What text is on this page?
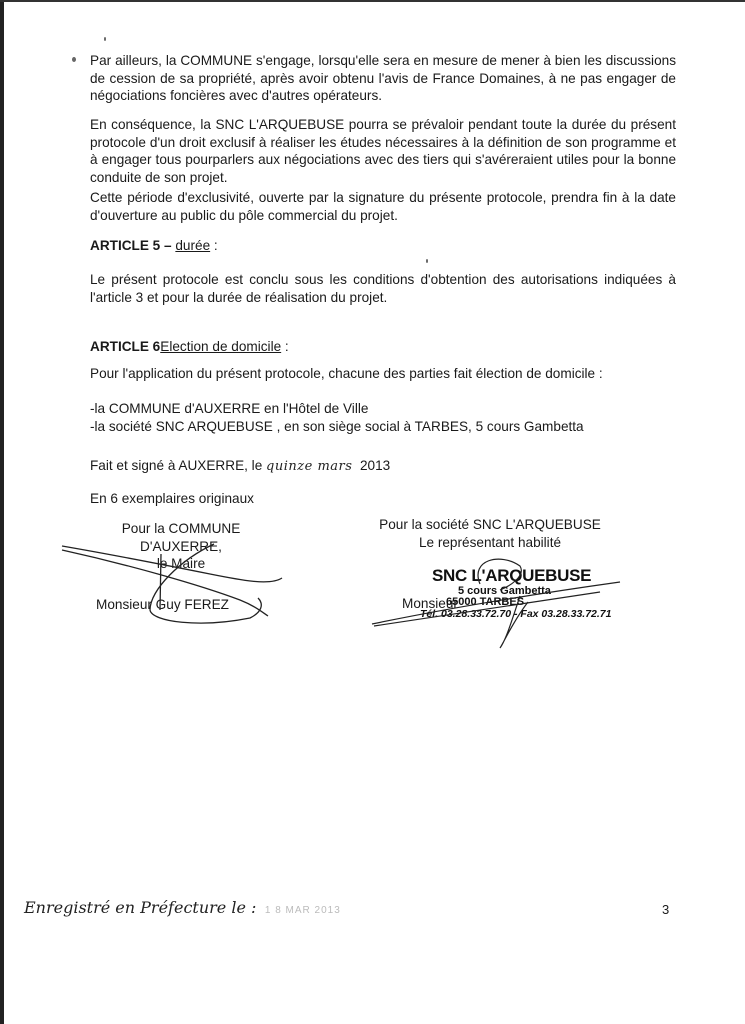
Par ailleurs, la COMMUNE s'engage, lorsqu'elle sera en mesure de mener à bien les discussions de cession de sa propriété, après avoir obtenu l'avis de France Domaines, à ne pas engager de négociations foncières avec d'autres opérateurs.

En conséquence, la SNC L'ARQUEBUSE pourra se prévaloir pendant toute la durée du présent protocole d'un droit exclusif à réaliser les études nécessaires à la définition de son programme et à engager tous pourparlers aux négociations avec des tiers qui s'avéreraient utiles pour la bonne conduite de son projet.

Cette période d'exclusivité, ouverte par la signature du présente protocole, prendra fin à la date d'ouverture au public du pôle commercial du projet.

ARTICLE 5 – durée :

Le présent protocole est conclu sous les conditions d'obtention des autorisations indiquées à l'article 3 et pour la durée de réalisation du projet.

ARTICLE 6Election de domicile :

Pour l'application du présent protocole, chacune des parties fait élection de domicile :

-la COMMUNE d'AUXERRE en l'Hôtel de Ville
-la société SNC ARQUEBUSE , en son siège social à TARBES, 5 cours Gambetta

Fait et signé à AUXERRE, le quinze mars 2013

En 6 exemplaires originaux

Pour la COMMUNE D'AUXERRE,
le Maire
Monsieur Guy FEREZ
Pour la société SNC L'ARQUEBUSE
Le représentant habilité
Monsieur
SNC L'ARQUEBUSE
5 cours Gambetta
65000 TARBES
Tél. 03.28.33.72.70 - Fax 03.28.33.72.71
Enregistré en Préfecture le : 1 8 MAR 2013	3
